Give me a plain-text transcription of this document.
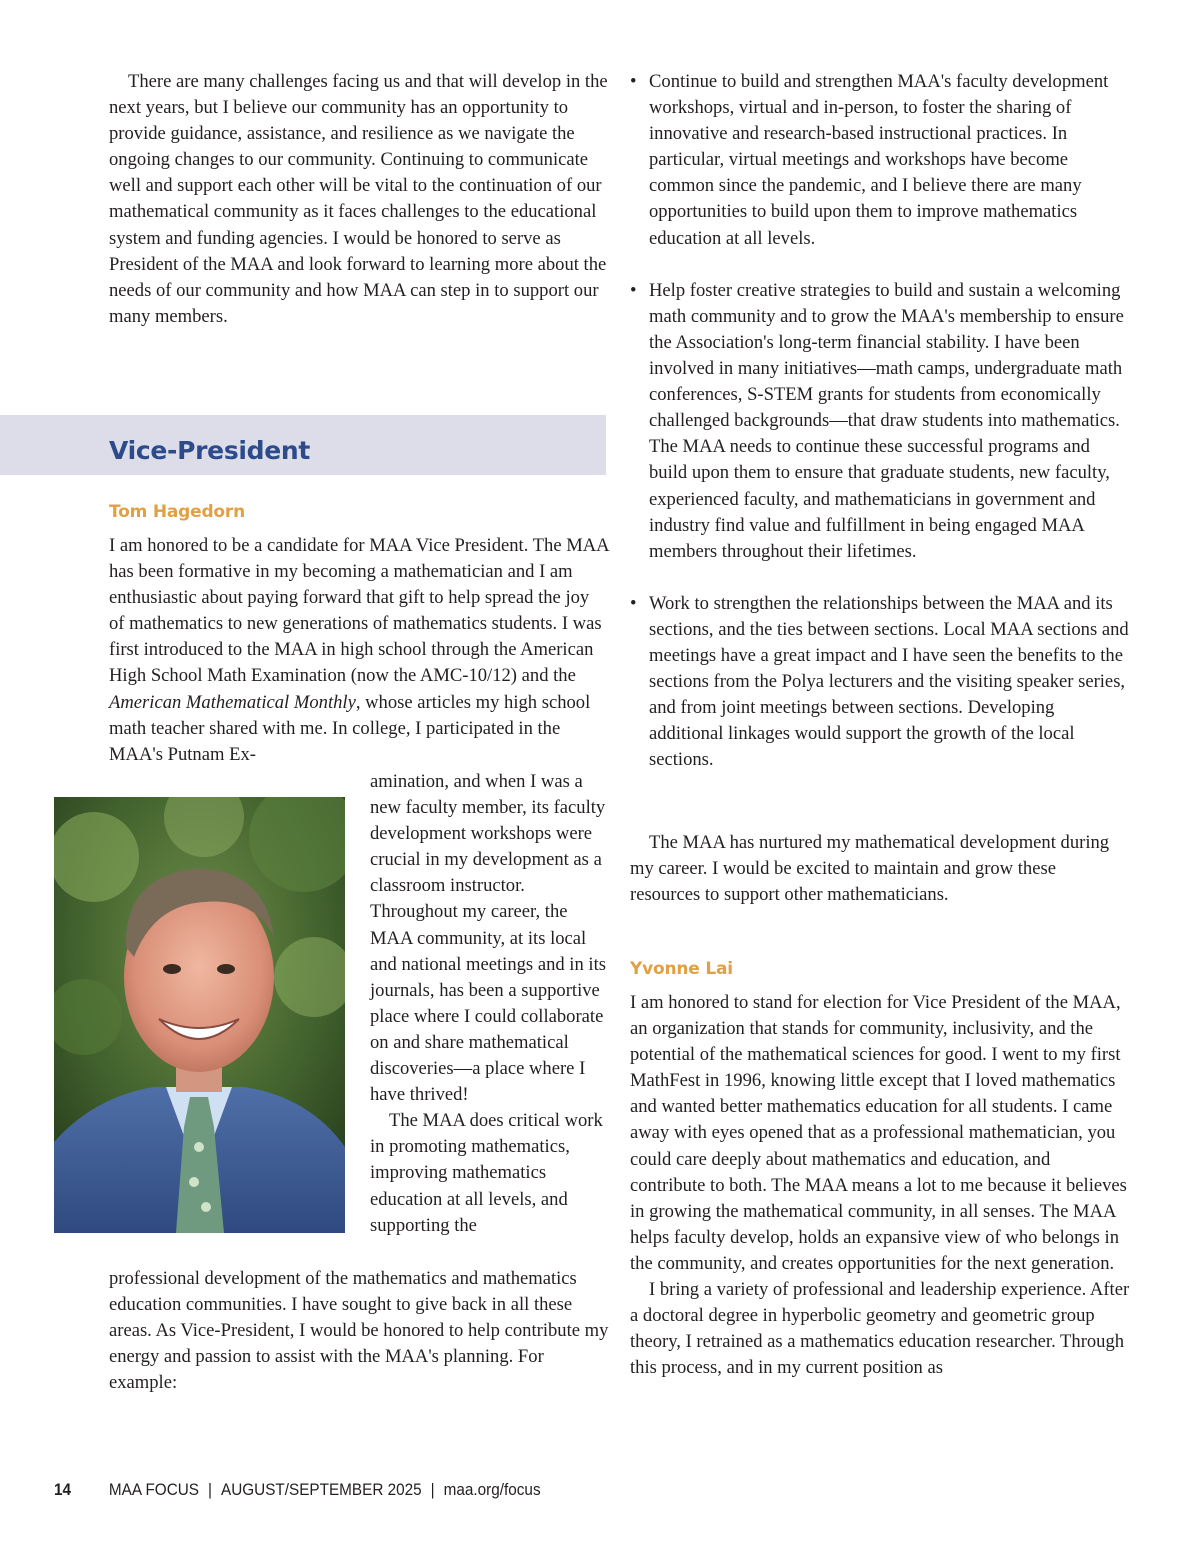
There are many challenges facing us and that will develop in the next years, but I believe our community has an opportunity to provide guidance, assistance, and resilience as we navigate the ongoing changes to our community. Continuing to communicate well and support each other will be vital to the continuation of our mathematical community as it faces challenges to the educational system and funding agencies. I would be honored to serve as President of the MAA and look forward to learning more about the needs of our community and how MAA can step in to support our many members.

Vice-President
Tom Hagedorn

I am honored to be a candidate for MAA Vice President. The MAA has been formative in my becoming a mathematician and I am enthusiastic about paying forward that gift to help spread the joy of mathematics to new generations of mathematics students. I was first introduced to the MAA in high school through the American High School Math Examination (now the AMC-10/12) and the American Mathematical Monthly, whose articles my high school math teacher shared with me. In college, I participated in the MAA's Putnam Ex-

amination, and when I was a new faculty member, its faculty development workshops were crucial in my development as a classroom instructor. Throughout my career, the MAA community, at its local and national meetings and in its journals, has been a supportive place where I could collaborate on and share mathematical discoveries—a place where I have thrived!

The MAA does critical work in promoting mathematics, improving mathematics education at all levels, and supporting the

professional development of the mathematics and mathematics education communities. I have sought to give back in all these areas. As Vice-President, I would be honored to help contribute my energy and passion to assist with the MAA's planning. For example:

• Continue to build and strengthen MAA's faculty development workshops, virtual and in-person, to foster the sharing of innovative and research-based instructional practices. In particular, virtual meetings and workshops have become common since the pandemic, and I believe there are many opportunities to build upon them to improve mathematics education at all levels.
• Help foster creative strategies to build and sustain a welcoming math community and to grow the MAA's membership to ensure the Association's long-term financial stability. I have been involved in many initiatives—math camps, undergraduate math conferences, S-STEM grants for students from economically challenged backgrounds—that draw students into mathematics. The MAA needs to continue these successful programs and build upon them to ensure that graduate students, new faculty, experienced faculty, and mathematicians in government and industry find value and fulfillment in being engaged MAA members throughout their lifetimes.
• Work to strengthen the relationships between the MAA and its sections, and the ties between sections. Local MAA sections and meetings have a great impact and I have seen the benefits to the sections from the Polya lecturers and the visiting speaker series, and from joint meetings between sections. Developing additional linkages would support the growth of the local sections.

The MAA has nurtured my mathematical development during my career. I would be excited to maintain and grow these resources to support other mathematicians.

Yvonne Lai

I am honored to stand for election for Vice President of the MAA, an organization that stands for community, inclusivity, and the potential of the mathematical sciences for good. I went to my first MathFest in 1996, knowing little except that I loved mathematics and wanted better mathematics education for all students. I came away with eyes opened that as a professional mathematician, you could care deeply about mathematics and education, and contribute to both. The MAA means a lot to me because it believes in growing the mathematical community, in all senses. The MAA helps faculty develop, holds an expansive view of who belongs in the community, and creates opportunities for the next generation.

I bring a variety of professional and leadership experience. After a doctoral degree in hyperbolic geometry and geometric group theory, I retrained as a mathematics education researcher. Through this process, and in my current position as

14 MAA FOCUS | AUGUST/SEPTEMBER 2025 | maa.org/focus
